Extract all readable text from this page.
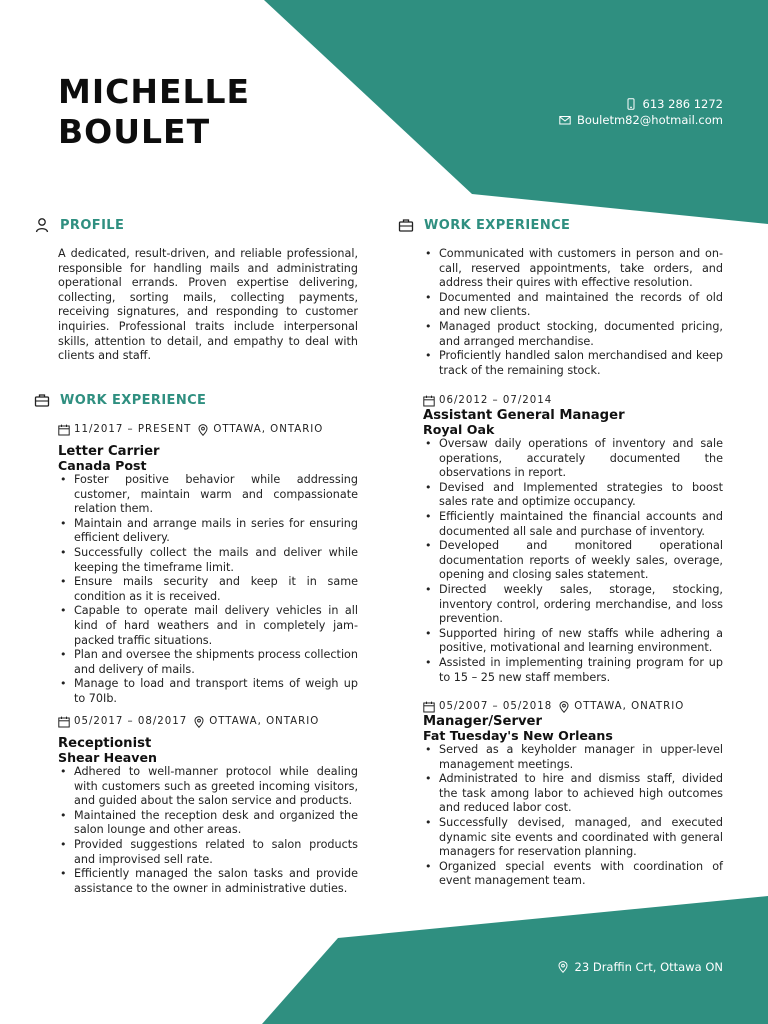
MICHELLE
BOULET
613 286 1272
Bouletm82@hotmail.com
PROFILE
A dedicated, result-driven, and reliable professional, responsible for handling mails and administrating operational errands. Proven expertise delivering, collecting, sorting mails, collecting payments, receiving signatures, and responding to customer inquiries. Professional traits include interpersonal skills, attention to detail, and empathy to deal with clients and staff.
WORK EXPERIENCE
11/2017 – PRESENT OTTAWA, ONTARIO
Letter Carrier
Canada Post
• Foster positive behavior while addressing customer, maintain warm and compassionate relation them.
• Maintain and arrange mails in series for ensuring efficient delivery.
• Successfully collect the mails and deliver while keeping the timeframe limit.
• Ensure mails security and keep it in same condition as it is received.
• Capable to operate mail delivery vehicles in all kind of hard weathers and in completely jam-packed traffic situations.
• Plan and oversee the shipments process collection and delivery of mails.
• Manage to load and transport items of weigh up to 70Ib.
05/2017 – 08/2017 OTTAWA, ONTARIO
Receptionist
Shear Heaven
• Adhered to well-manner protocol while dealing with customers such as greeted incoming visitors, and guided about the salon service and products.
• Maintained the reception desk and organized the salon lounge and other areas.
• Provided suggestions related to salon products and improvised sell rate.
• Efficiently managed the salon tasks and provide assistance to the owner in administrative duties.
WORK EXPERIENCE
• Communicated with customers in person and on-call, reserved appointments, take orders, and address their quires with effective resolution.
• Documented and maintained the records of old and new clients.
• Managed product stocking, documented pricing, and arranged merchandise.
• Proficiently handled salon merchandised and keep track of the remaining stock.
06/2012 – 07/2014
Assistant General Manager
Royal Oak
• Oversaw daily operations of inventory and sale operations, accurately documented the observations in report.
• Devised and Implemented strategies to boost sales rate and optimize occupancy.
• Efficiently maintained the financial accounts and documented all sale and purchase of inventory.
• Developed and monitored operational documentation reports of weekly sales, overage, opening and closing sales statement.
• Directed weekly sales, storage, stocking, inventory control, ordering merchandise, and loss prevention.
• Supported hiring of new staffs while adhering a positive, motivational and learning environment.
• Assisted in implementing training program for up to 15 – 25 new staff members.
05/2007 – 05/2018 OTTAWA, ONATRIO
Manager/Server
Fat Tuesday's New Orleans
• Served as a keyholder manager in upper-level management meetings.
• Administrated to hire and dismiss staff, divided the task among labor to achieved high outcomes and reduced labor cost.
• Successfully devised, managed, and executed dynamic site events and coordinated with general managers for reservation planning.
• Organized special events with coordination of event management team.
23 Draffin Crt, Ottawa ON
